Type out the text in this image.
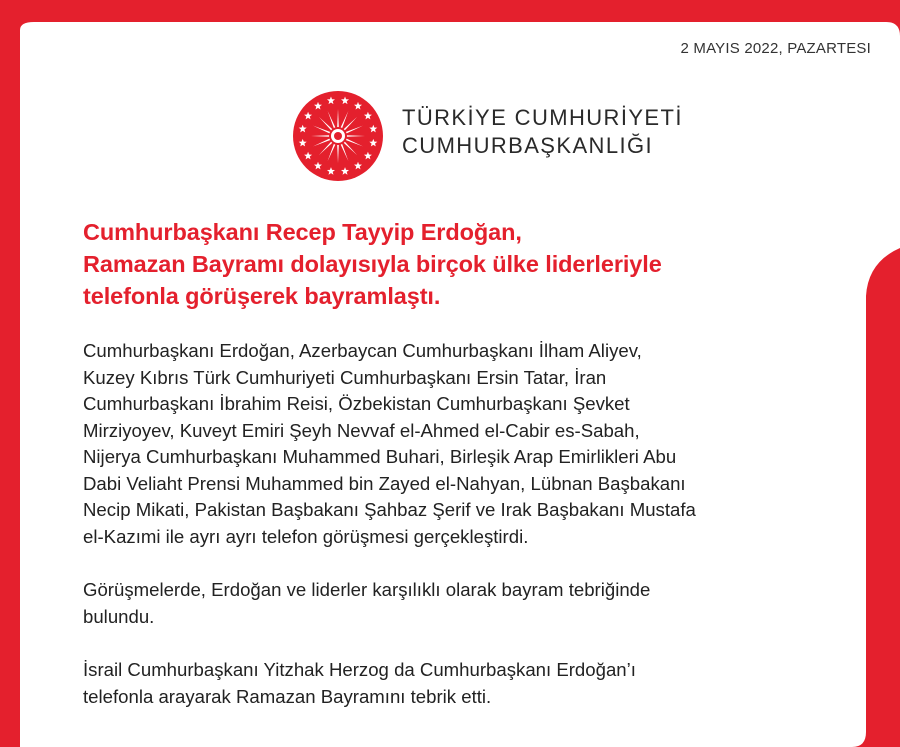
2 MAYIS 2022, PAZARTESI
TÜRKİYE CUMHURİYETİ
CUMHURBAŞKANLIĞI
Cumhurbaşkanı Recep Tayyip Erdoğan,
Ramazan Bayramı dolayısıyla birçok ülke liderleriyle
telefonla görüşerek bayramlaştı.
Cumhurbaşkanı Erdoğan, Azerbaycan Cumhurbaşkanı İlham Aliyev,
Kuzey Kıbrıs Türk Cumhuriyeti Cumhurbaşkanı Ersin Tatar, İran
Cumhurbaşkanı İbrahim Reisi, Özbekistan Cumhurbaşkanı Şevket
Mirziyoyev, Kuveyt Emiri Şeyh Nevvaf el-Ahmed el-Cabir es-Sabah,
Nijerya Cumhurbaşkanı Muhammed Buhari, Birleşik Arap Emirlikleri Abu
Dabi Veliaht Prensi Muhammed bin Zayed el-Nahyan, Lübnan Başbakanı
Necip Mikati, Pakistan Başbakanı Şahbaz Şerif ve Irak Başbakanı Mustafa
el-Kazımi ile ayrı ayrı telefon görüşmesi gerçekleştirdi.
Görüşmelerde, Erdoğan ve liderler karşılıklı olarak bayram tebriğinde
bulundu.
İsrail Cumhurbaşkanı Yitzhak Herzog da Cumhurbaşkanı Erdoğan’ı
telefonla arayarak Ramazan Bayramını tebrik etti.
